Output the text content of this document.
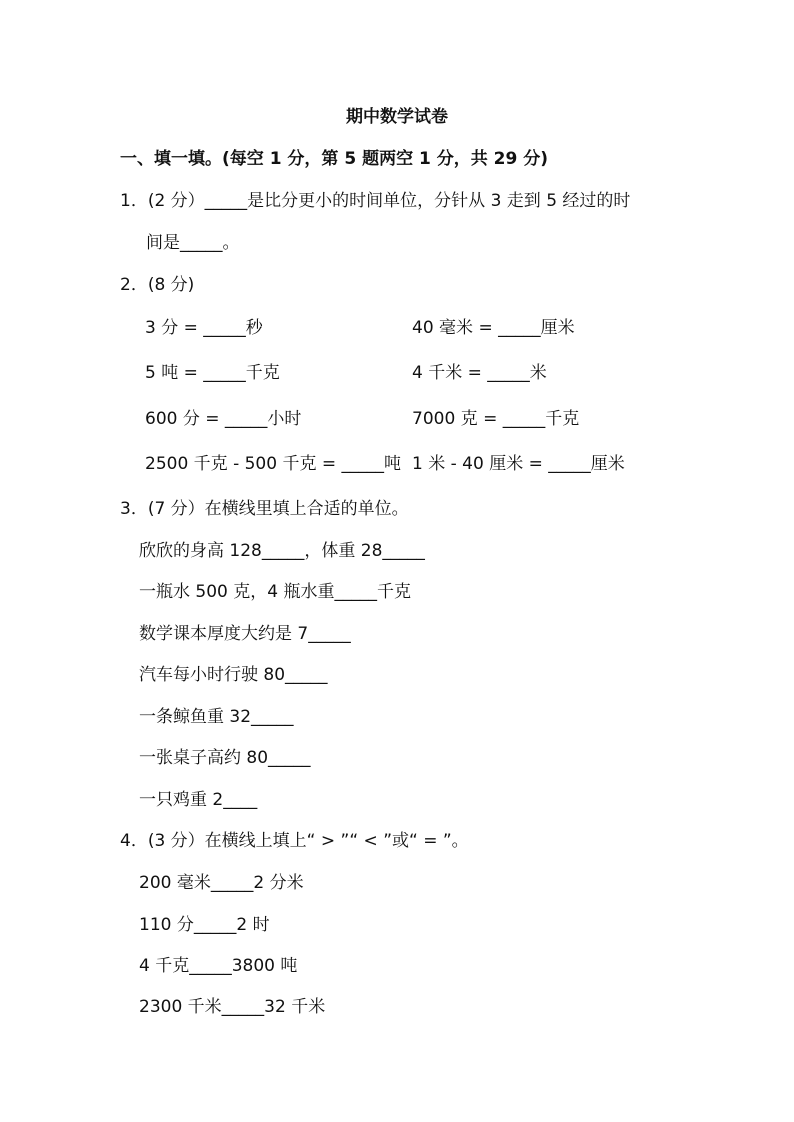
期中数学试卷
一、填一填。(每空 1 分，第 5 题两空 1 分，共 29 分)
1．(2 分）_____是比分更小的时间单位，分针从 3 走到 5 经过的时
间是_____。
2．(8 分)
3 分 = _____秒	40 毫米 = _____厘米
5 吨 = _____千克	4 千米 = _____米
600 分 = _____小时	7000 克 = _____千克
2500 千克 - 500 千克 = _____吨 1 米 - 40 厘米 = _____厘米
3．(7 分）在横线里填上合适的单位。
欣欣的身高 128_____，体重 28_____
一瓶水 500 克，4 瓶水重_____千克
数学课本厚度大约是 7_____
汽车每小时行驶 80_____
一条鲸鱼重 32_____
一张桌子高约 80_____
一只鸡重 2____
4．(3 分）在横线上填上“ > ”“ < ”或“ = ”。
200 毫米_____2 分米
110 分_____2 时
4 千克_____3800 吨
2300 千米_____32 千米
